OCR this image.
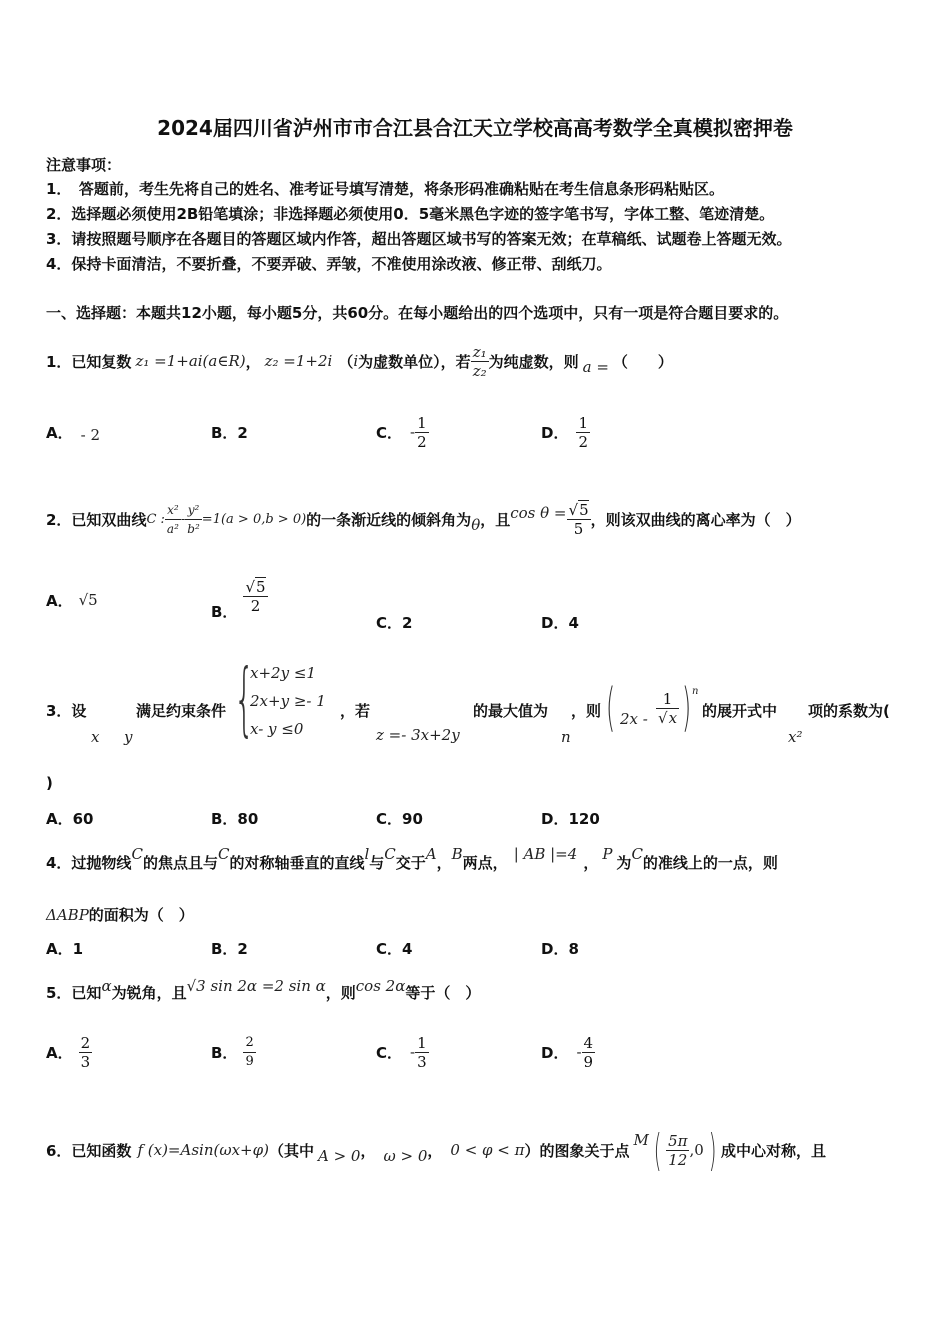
2024届四川省泸州市市合江县合江天立学校高高考数学全真模拟密押卷
注意事项：
1．　答题前，考生先将自己的姓名、准考证号填写清楚，将条形码准确粘贴在考生信息条形码粘贴区。
2．选择题必须使用2B铅笔填涂；非选择题必须使用0．5毫米黑色字迹的签字笔书写，字体工整、笔迹清楚。
3．请按照题号顺序在各题目的答题区域内作答，超出答题区域书写的答案无效；在草稿纸、试题卷上答题无效。
4．保持卡面清洁，不要折叠，不要弄破、弄皱，不准使用涂改液、修正带、刮纸刀。
一、选择题：本题共12小题，每小题5分，共60分。在每小题给出的四个选项中，只有一项是符合题目要求的。
1．已知复数 z₁ =1+ai(a∈R) ， z₂ =1+2i （ i 为虚数单位），若 $\frac{\text{z₁}}{\text{z₂}}$ 为纯虚数，则 a = （　　）
A． - 2	B．2	C． - $\frac{1}{2}$	D． $\frac{1}{2}$
2．已知双曲线 C : $\frac{\text{x²}}{\text{a²}} - \frac{\text{y²}}{\text{b²}} =1(a > 0,b > 0)$ 的一条渐近线的倾斜角为 θ ，且 $\cos \theta = \frac{√5}{5}$ ，则该双曲线的离心率为（　）
A． √5
B． $\frac{√5}{2}$
C．2	D．4
3．设
x y
满足约束条件 {
x+2y ≤1
2x+y ≥- 1
x- y ≤0
，若
z =- 3x+2y
的最大值为
n
，则 ( $2x - \frac{1}{√x}$ ) n
的展开式中
x²
项的系数为(
)
A．60	B．80	C．90	D．120
4．过抛物线 C 的焦点且与 C 的对称轴垂直的直线 l 与 C 交于 A ， B 两点， | AB |=4 ， P 为 C 的准线上的一点，则
ΔABP 的面积为（　）
A．1	B．2	C．4	D．8
5．已知 α 为锐角，且 √3 sin 2α =2 sin α ，则 cos 2α 等于（　）
A． $\frac{2}{3}$	B． $\frac{2}{9}$	C． - $\frac{1}{3}$	D． - $\frac{4}{9}$
6．已知函数 f (x)=Asin(ωx+φ) （其中 A > 0 ， ω > 0 ， 0 < φ < π ）的图象关于点
M ( $\frac{5\pi}{12} ,0$ ) 成中心对称，且
